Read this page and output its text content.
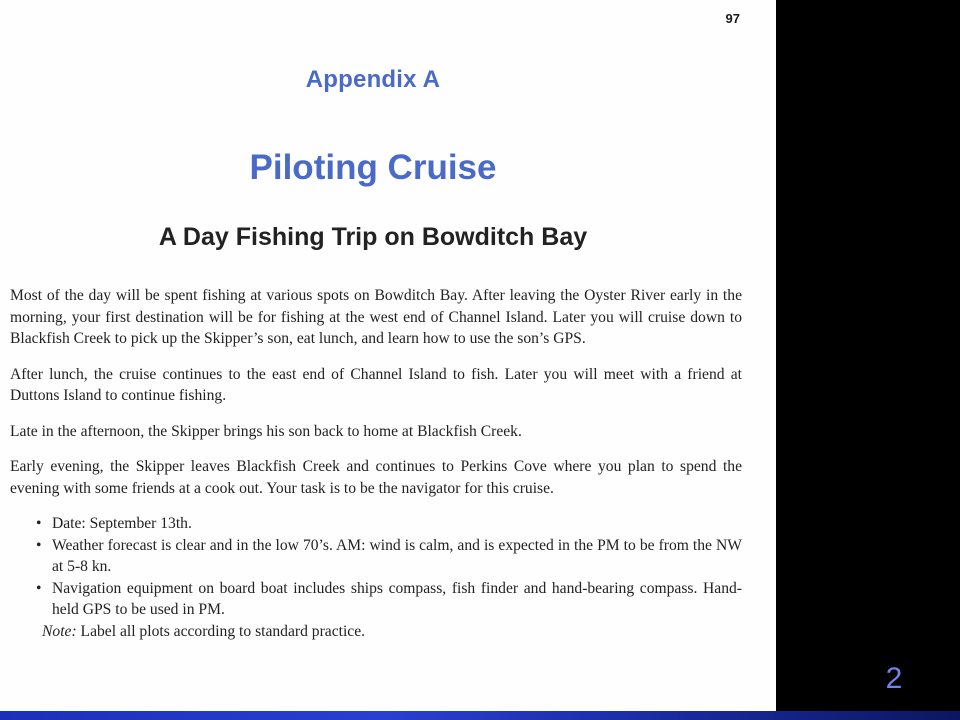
97
Appendix A
Piloting Cruise
A Day Fishing Trip on Bowditch Bay

Most of the day will be spent fishing at various spots on Bowditch Bay. After leaving the Oyster River early in the morning, your first destination will be for fishing at the west end of Channel Island. Later you will cruise down to Blackfish Creek to pick up the Skipper’s son, eat lunch, and learn how to use the son’s GPS.

After lunch, the cruise continues to the east end of Channel Island to fish. Later you will meet with a friend at Duttons Island to continue fishing.

Late in the afternoon, the Skipper brings his son back to home at Blackfish Creek.

Early evening, the Skipper leaves Blackfish Creek and continues to Perkins Cove where you plan to spend the evening with some friends at a cook out. Your task is to be the navigator for this cruise.

• Date: September 13th.
• Weather forecast is clear and in the low 70’s. AM: wind is calm, and is expected in the PM to be from the NW at 5-8 kn.
• Navigation equipment on board boat includes ships compass, fish finder and hand-bearing compass. Hand-held GPS to be used in PM.
Note: Label all plots according to standard practice.
2
